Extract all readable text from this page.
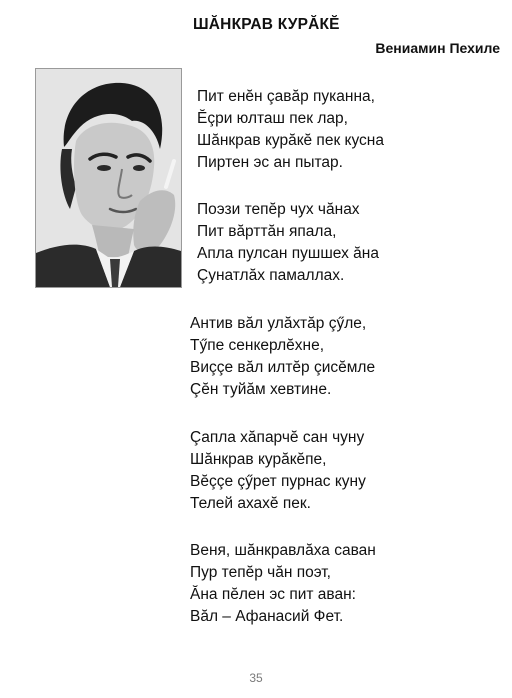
ШĂНКРАВ КУРĂКĔ

Вениамин Пехиле

Пит енĕн çавăр пуканна,
Ĕçри юлташ пек лар,
Шăнкрав курăкĕ пек кусна
Пиртен эс ан пытар.
Поэзи тепĕр чух чăнах
Пит вăрттăн япала,
Апла пулсан пушшех ăна
Çунатлăх памаллах.
Антив вăл улăхтăр çӳле,
Тӳпе сенкерлĕхне,
Виççе вăл илтĕр çисĕмле
Çĕн туйăм хевтине.
Çапла хăпарчĕ сан чуну
Шăнкрав курăкĕпе,
Вĕççе çӳрет пурнас куну
Телей ахахĕ пек.
Веня, шăнкравлăха саван
Пур тепĕр чăн поэт,
Ăна пĕлен эс пит аван:
Вăл – Афанасий Фет.

35
